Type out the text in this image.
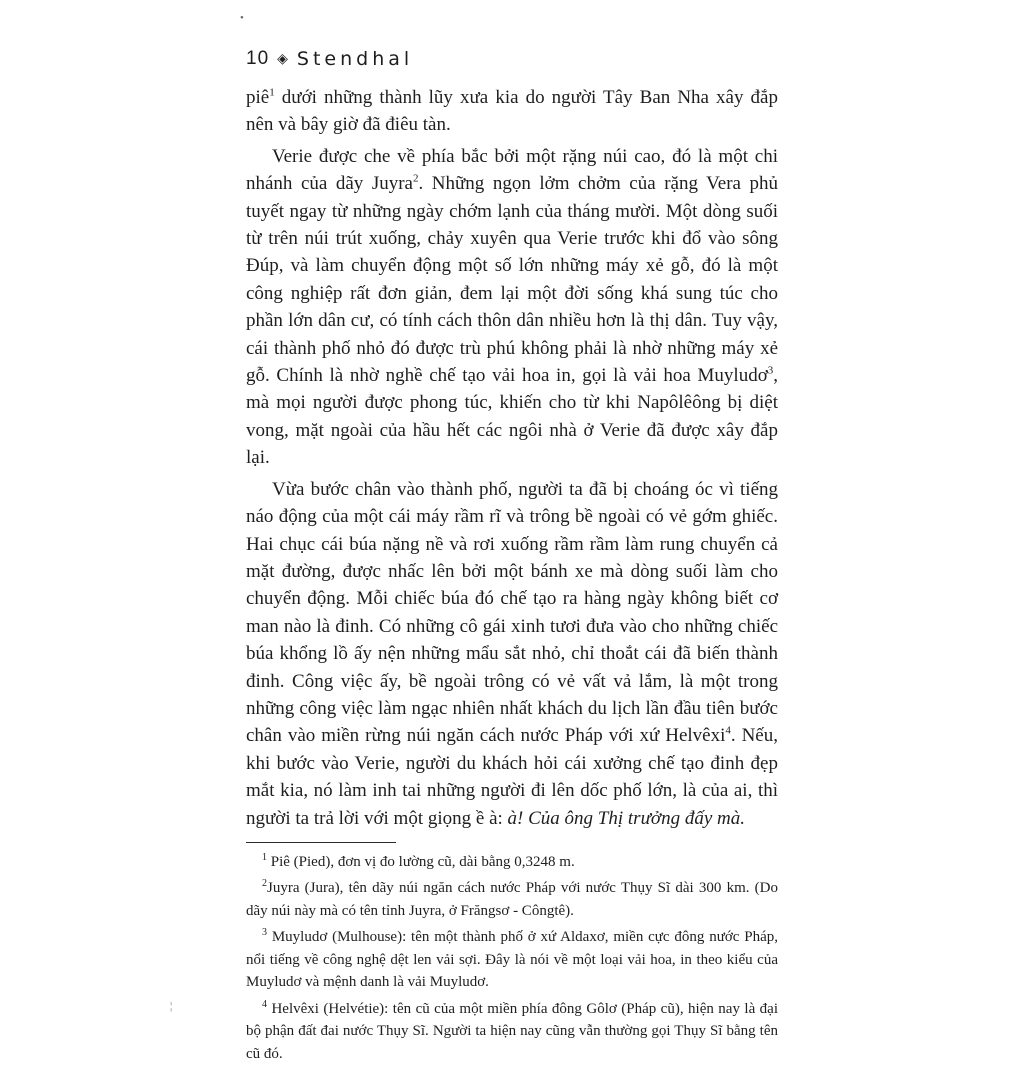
•
¦
10 ◈ Stendhal

piê$^1$ dưới những thành lũy xưa kia do người Tây Ban Nha xây đắp nên và bây giờ đã điêu tàn.

Verie được che về phía bắc bởi một rặng núi cao, đó là một chi nhánh của dãy Juyra$^2$. Những ngọn lởm chởm của rặng Vera phủ tuyết ngay từ những ngày chớm lạnh của tháng mười. Một dòng suối từ trên núi trút xuống, chảy xuyên qua Verie trước khi đổ vào sông Đúp, và làm chuyển động một số lớn những máy xẻ gỗ, đó là một công nghiệp rất đơn giản, đem lại một đời sống khá sung túc cho phần lớn dân cư, có tính cách thôn dân nhiều hơn là thị dân. Tuy vậy, cái thành phố nhỏ đó được trù phú không phải là nhờ những máy xẻ gỗ. Chính là nhờ nghề chế tạo vải hoa in, gọi là vải hoa Muyludơ$^3$, mà mọi người được phong túc, khiến cho từ khi Napôlêông bị diệt vong, mặt ngoài của hầu hết các ngôi nhà ở Verie đã được xây đắp lại.

Vừa bước chân vào thành phố, người ta đã bị choáng óc vì tiếng náo động của một cái máy rầm rĩ và trông bề ngoài có vẻ gớm ghiếc. Hai chục cái búa nặng nề và rơi xuống rầm rầm làm rung chuyển cả mặt đường, được nhấc lên bởi một bánh xe mà dòng suối làm cho chuyển động. Mỗi chiếc búa đó chế tạo ra hàng ngày không biết cơ man nào là đinh. Có những cô gái xinh tươi đưa vào cho những chiếc búa khổng lồ ấy nện những mẩu sắt nhỏ, chỉ thoắt cái đã biến thành đinh. Công việc ấy, bề ngoài trông có vẻ vất vả lắm, là một trong những công việc làm ngạc nhiên nhất khách du lịch lần đầu tiên bước chân vào miền rừng núi ngăn cách nước Pháp với xứ Helvêxi$^4$. Nếu, khi bước vào Verie, người du khách hỏi cái xưởng chế tạo đinh đẹp mắt kia, nó làm inh tai những người đi lên dốc phố lớn, là của ai, thì người ta trả lời với một giọng ề à: à! Của ông Thị trưởng đấy mà.

$^1$ Piê (Pied), đơn vị đo lường cũ, dài bằng 0,3248 m.

$^2$Juyra (Jura), tên dãy núi ngăn cách nước Pháp với nước Thụy Sĩ dài 300 km. (Do dãy núi này mà có tên tỉnh Juyra, ở Frăngsơ - Côngtê).

$^3$ Muyludơ (Mulhouse): tên một thành phố ở xứ Aldaxơ, miền cực đông nước Pháp, nổi tiếng về công nghệ dệt len vải sợi. Đây là nói về một loại vải hoa, in theo kiểu của Muyludơ và mệnh danh là vải Muyludơ.

$^4$ Helvêxi (Helvétie): tên cũ của một miền phía đông Gôlơ (Pháp cũ), hiện nay là đại bộ phận đất đai nước Thụy Sĩ. Người ta hiện nay cũng vẫn thường gọi Thụy Sĩ bằng tên cũ đó.
